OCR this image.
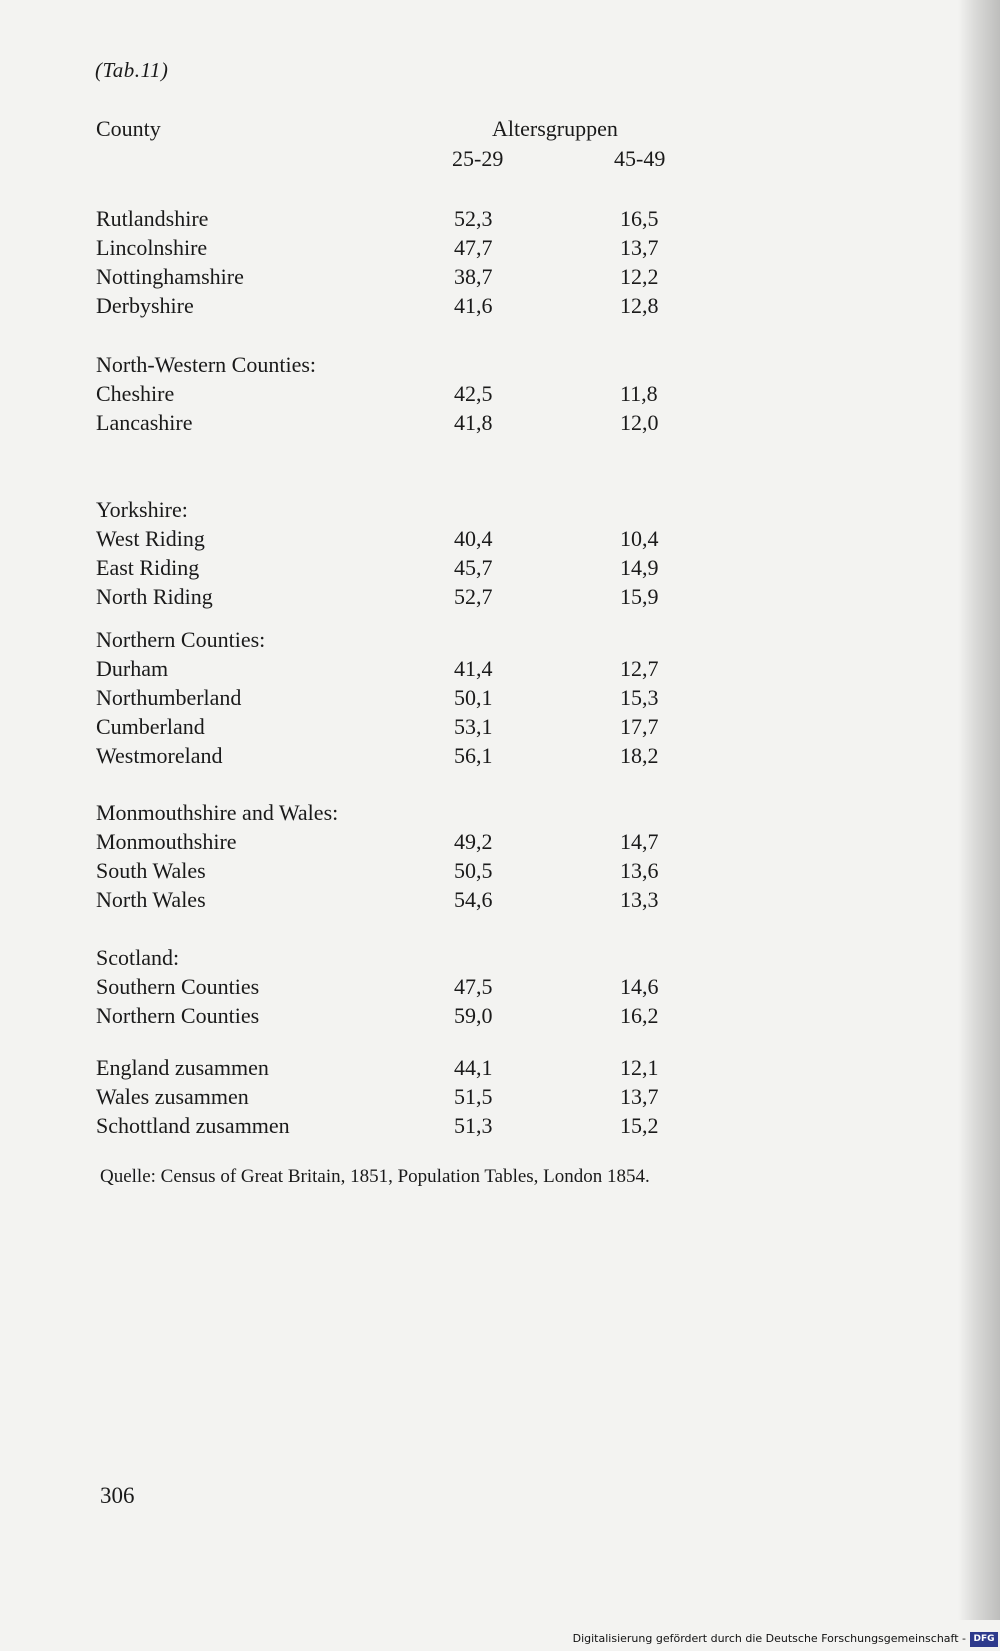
(Tab.11)
County	Altersgruppen
25-29	45-49
Rutlandshire	52,3	16,5
Lincolnshire	47,7	13,7
Nottinghamshire	38,7	12,2
Derbyshire	41,6	12,8
North-Western Counties:
Cheshire	42,5	11,8
Lancashire	41,8	12,0
Yorkshire:
West Riding	40,4	10,4
East Riding	45,7	14,9
North Riding	52,7	15,9
Northern Counties:
Durham	41,4	12,7
Northumberland	50,1	15,3
Cumberland	53,1	17,7
Westmoreland	56,1	18,2
Monmouthshire and Wales:
Monmouthshire	49,2	14,7
South Wales	50,5	13,6
North Wales	54,6	13,3
Scotland:
Southern Counties	47,5	14,6
Northern Counties	59,0	16,2
England zusammen	44,1	12,1
Wales zusammen	51,5	13,7
Schottland zusammen	51,3	15,2
Quelle: Census of Great Britain, 1851, Population Tables, London 1854.
306
Digitalisierung gefördert durch die Deutsche Forschungsgemeinschaft - DFG
